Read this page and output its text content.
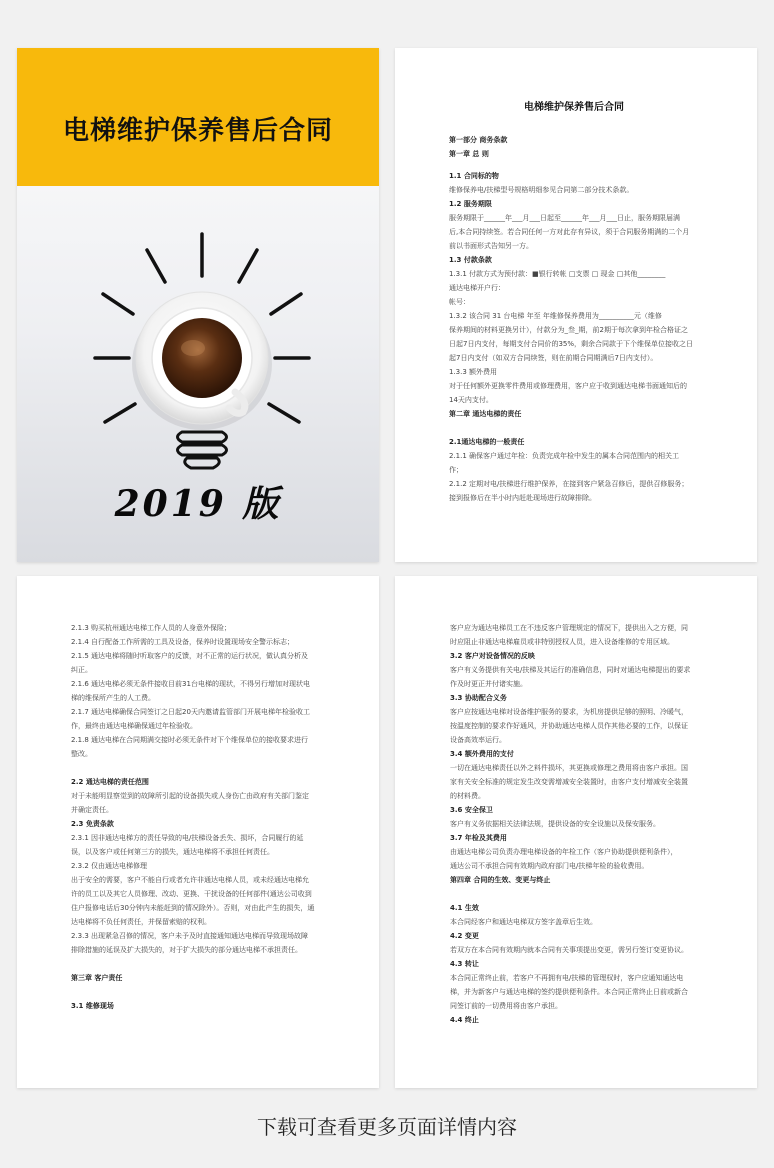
电梯维护保养售后合同
2019 版
电梯维护保养售后合同
第一部分 商务条款
第一章 总 则
1.1 合同标的物
维修保养电/扶梯型号规格明细参见合同第二部分技术条款。
1.2 服务期限
服务期限于______年___月___日起至______年___月___日止，服务期限届满
后,本合同持续签。若合同任何一方对此存有异议，须于合同服务期满的二个月
前以书面形式告知另一方。
1.3 付款条款
1.3.1 付款方式为预付款：■银行转帐 □支票 □ 现金 □其他________
通达电梯开户行：
帐号：
1.3.2 该合同 31 台电梯 年至 年维修保养费用为__________元（维修
保养期间的材料更换另计），付款分为_叁_期，前2期于每次拿到年检合格证之
日起7日内支付，每期支付合同价的35%，剩余合同款于下个维保单位接收之日
起7日内支付（如双方合同续签，则在前期合同期满后7日内支付）。
1.3.3 额外费用
对于任何额外更换零件费用或修理费用，客户应于收到通达电梯书面通知后的
14天内支付。
第二章 通达电梯的责任
2.1通达电梯的一般责任
2.1.1 确保客户通过年检：负责完成年检中发生的属本合同范围内的相关工
作；
2.1.2 定期对电/扶梯进行维护保养，在接到客户紧急召修后，提供召修服务；
接到报修后在半小时内赶赴现场进行故障排除。
2.1.3 购买杭州通达电梯工作人员的人身意外保险；
2.1.4 自行配备工作所需的工具及设备，保养时设置现场安全警示标志；
2.1.5 通达电梯将随时听取客户的反馈，对不正常的运行状况，做认真分析及
纠正。
2.1.6 通达电梯必须无条件接收目前31台电梯的现状，不得另行增加对现状电
梯的维保所产生的人工费。
2.1.7 通达电梯确保合同签订之日起20天内邀请监管部门开展电梯年检验收工
作，最终由通达电梯确保通过年检验收。
2.1.8 通达电梯在合同期满交接时必须无条件对下个维保单位的接收要求进行
整改。
2.2 通达电梯的责任范围
对于未能明显察觉到的故障所引起的设备损失或人身伤亡由政府有关部门鉴定
并确定责任。
2.3 免责条款
2.3.1 因非通达电梯方的责任导致的电/扶梯设备丢失、损坏，合同履行的延
误，以及客户或任何第三方的损失，通达电梯将不承担任何责任。
2.3.2 仅由通达电梯修理
出于安全的需要，客户不能自行或者允许非通达电梯人员，或未经通达电梯允
许的员工以及其它人员修理、改动、更换、干扰设备的任何部件(通达公司收到
住户报修电话后30分钟内未能赶到的情况除外）。否则，对由此产生的损失，通
达电梯将不负任何责任，并保留索赔的权利。
2.3.3 出现紧急召修的情况，客户未予及时直接通知通达电梯而导致现场故障
排除措施的延误及扩大损失的，对于扩大损失的部分通达电梯不承担责任。
第三章 客户责任
3.1 维修现场
客户应为通达电梯员工在不违反客户管理规定的情况下，提供出入之方便，同
时应阻止非通达电梯雇员或非特别授权人员，进入设备维修的专用区域。
3.2 客户对设备情况的反映
客户有义务提供有关电/扶梯及其运行的准确信息，同时对通达电梯提出的要求
作及时更正并付诸实施。
3.3 协助配合义务
客户应按通达电梯对设备维护服务的要求，为机房提供足够的照明、冷暖气，
按温度控制的要求作好通风，并协助通达电梯人员作其他必要的工作，以保证
设备高效率运行。
3.4 额外费用的支付
一切在通达电梯责任以外之料件损坏，其更换或修理之费用将由客户承担。国
家有关安全标准的规定发生改变需增减安全装置时，由客户支付增减安全装置
的材料费。
3.6 安全保卫
客户有义务依据相关法律法规，提供设备的安全设施以及保安服务。
3.7 年检及其费用
由通达电梯公司负责办理电梯设备的年检工作（客户协助提供便利条件），
通达公司不承担合同有效期内政府部门电/扶梯年检的验收费用。
第四章 合同的生效、变更与终止
4.1 生效
本合同经客户和通达电梯双方签字盖章后生效。
4.2 变更
若双方在本合同有效期内就本合同有关事项提出变更，需另行签订变更协议。
4.3 转让
本合同正常终止前，若客户不再拥有电/扶梯的管理权时，客户应通知通达电
梯，并为新客户与通达电梯的签约提供便利条件。本合同正常终止日前或新合
同签订前的一切费用将由客户承担。
4.4 终止
下载可查看更多页面详情内容
